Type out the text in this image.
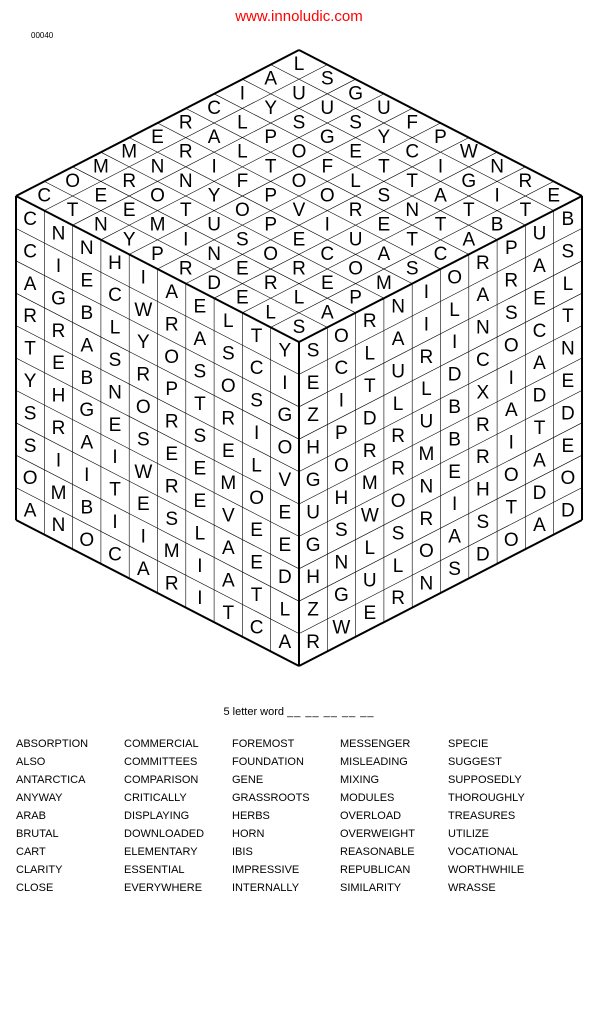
www.innoludic.com
00040
C
O
M
M
E
R
C
I
A
L
T
E
R
N
R
A
L
Y
U
S
N
E
O
N
I
L
P
S
U
G
Y
M
T
Y
F
T
O
G
S
U
P
I
U
O
P
O
F
E
Y
F
R
N
S
P
V
O
L
T
C
P
D
E
O
E
I
R
S
T
I
W
E
R
R
C
U
E
N
A
G
N
L
L
E
O
A
T
T
T
I
R
S
A
P
M
S
C
A
B
T
E
C
N
N
H
I
A
E
L
T
Y
C
I
E
C
W
R
A
S
C
I
A
G
B
L
Y
O
S
O
S
G
R
R
A
S
R
P
T
R
I
O
T
E
B
N
O
R
S
E
L
V
Y
H
G
E
S
E
E
M
O
E
S
R
A
I
W
R
E
V
E
E
S
I
I
T
E
S
L
A
E
D
O
M
B
I
I
M
I
A
T
L
A
N
O
C
A
R
I
T
C
A
S
O
R
N
I
O
R
P
U
B
E
C
L
A
I
L
A
R
A
S
Z
I
T
U
R
I
N
S
E
L
H
P
D
L
L
D
C
O
C
T
G
O
R
R
U
B
X
I
A
N
U
H
M
R
M
B
R
A
D
E
G
S
W
O
N
E
R
I
T
D
H
N
L
S
R
I
H
O
A
E
Z
G
U
L
O
A
S
T
D
O
R
W
E
R
N
S
D
O
A
D
5 letter word __ __ __ __ __
ABSORPTION
ALSO
ANTARCTICA
ANYWAY
ARAB
BRUTAL
CART
CLARITY
CLOSE
COMMERCIAL
COMMITTEES
COMPARISON
CRITICALLY
DISPLAYING
DOWNLOADED
ELEMENTARY
ESSENTIAL
EVERYWHERE
FOREMOST
FOUNDATION
GENE
GRASSROOTS
HERBS
HORN
IBIS
IMPRESSIVE
INTERNALLY
MESSENGER
MISLEADING
MIXING
MODULES
OVERLOAD
OVERWEIGHT
REASONABLE
REPUBLICAN
SIMILARITY
SPECIE
SUGGEST
SUPPOSEDLY
THOROUGHLY
TREASURES
UTILIZE
VOCATIONAL
WORTHWHILE
WRASSE
